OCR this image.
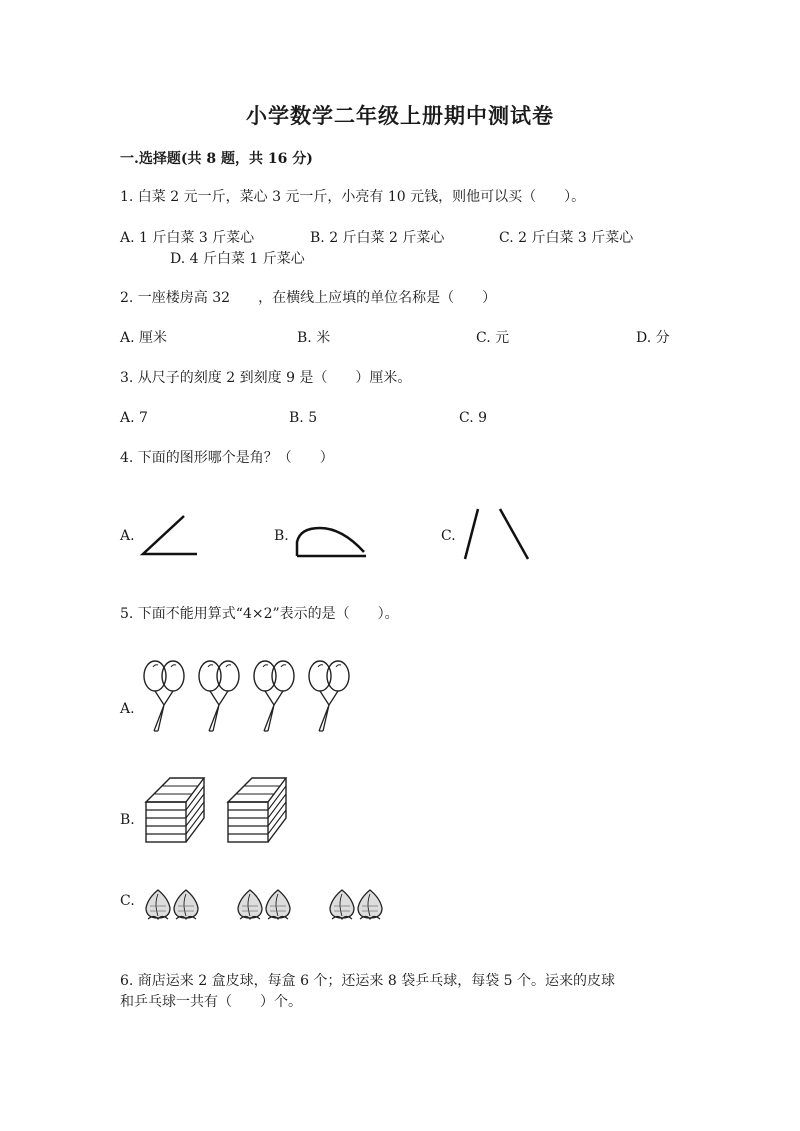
小学数学二年级上册期中测试卷
一.选择题(共 8 题，共 16 分)
1. 白菜 2 元一斤，菜心 3 元一斤，小亮有 10 元钱，则他可以买（　　）。
A. 1 斤白菜 3 斤菜心	B. 2 斤白菜 2 斤菜心	C. 2 斤白菜 3 斤菜心
D. 4 斤白菜 1 斤菜心
2. 一座楼房高 32　　，在横线上应填的单位名称是（　　）
A. 厘米	B. 米	C. 元	D. 分
3. 从尺子的刻度 2 到刻度 9 是（　　）厘米。
A. 7	B. 5	C. 9
4. 下面的图形哪个是角？（　　）
A.	B.	C.
5. 下面不能用算式“4×2”表示的是（　　）。
A.
B.
C.
6. 商店运来 2 盒皮球，每盒 6 个；还运来 8 袋乒乓球，每袋 5 个。运来的皮球
和乒乓球一共有（　　）个。
